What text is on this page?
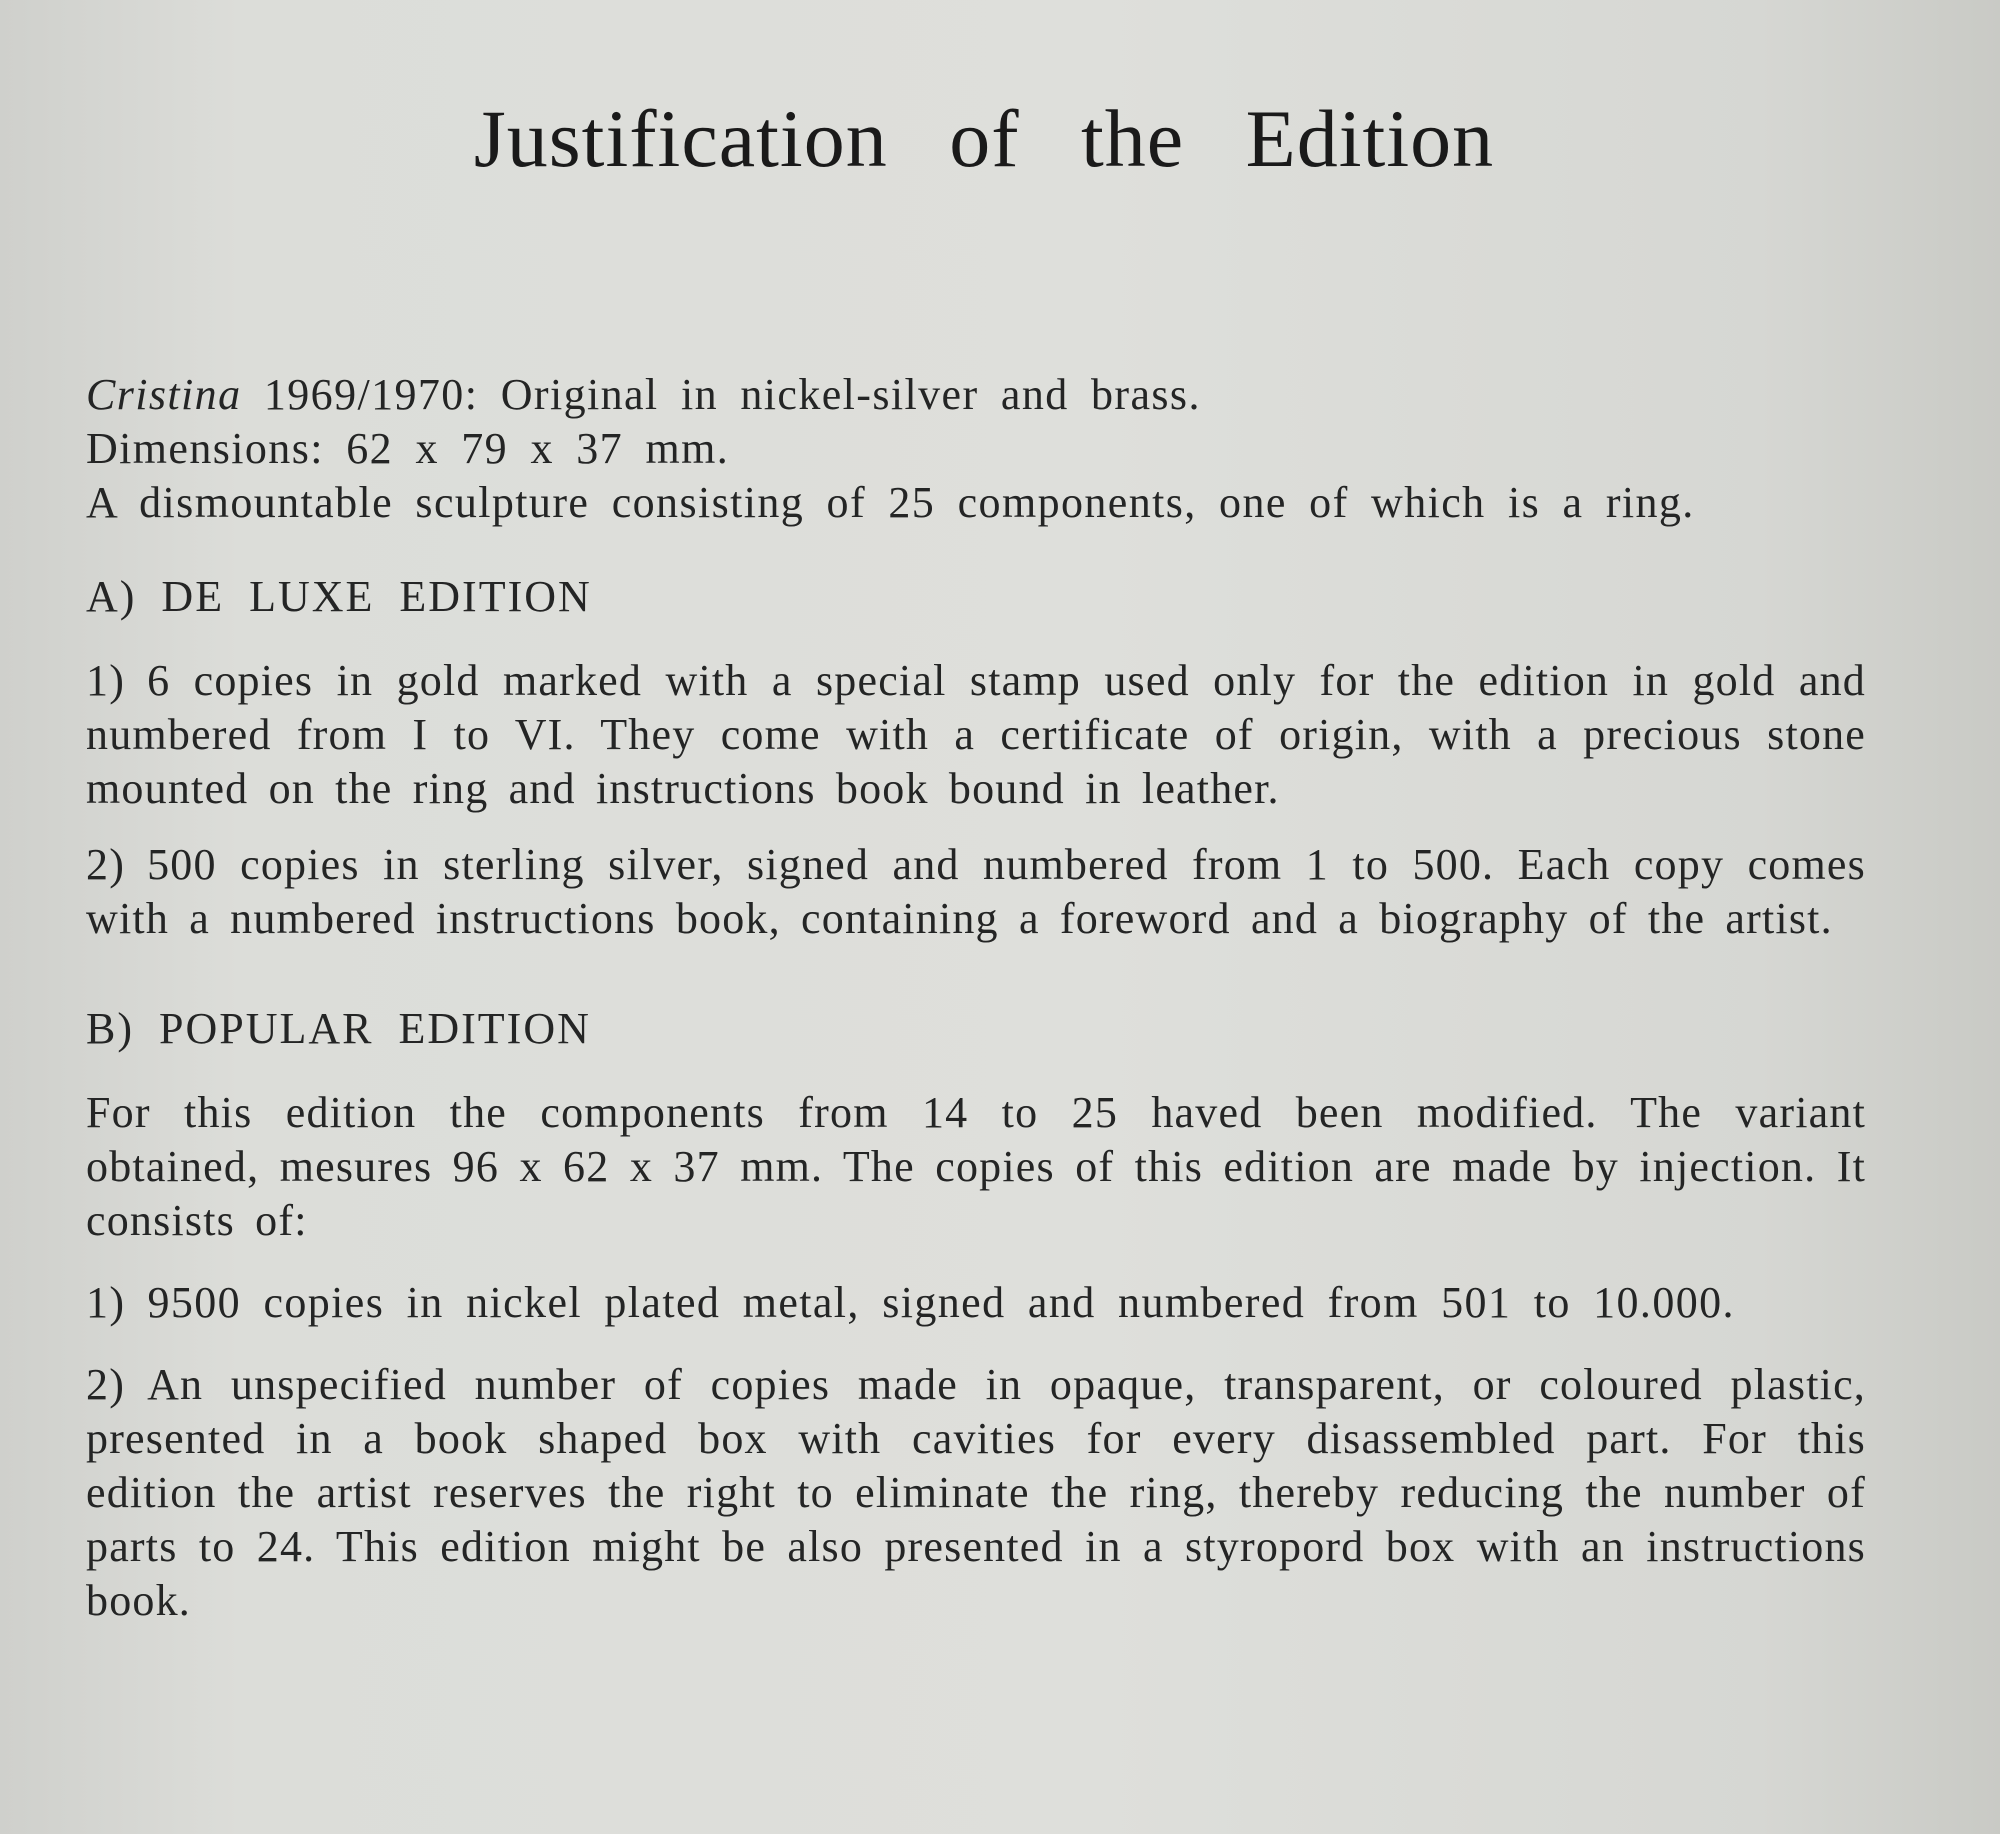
Justification of the Edition
Cristina 1969/1970: Original in nickel-silver and brass.
Dimensions: 62 x 79 x 37 mm.
A dismountable sculpture consisting of 25 components, one of which is a ring.
A) DE LUXE EDITION
1) 6 copies in gold marked with a special stamp used only for the edition in gold and numbered from I to VI. They come with a certificate of origin, with a precious stone mounted on the ring and instructions book bound in leather.
2) 500 copies in sterling silver, signed and numbered from 1 to 500. Each copy comes with a numbered instructions book, containing a foreword and a biography of the artist.
B) POPULAR EDITION
For this edition the components from 14 to 25 haved been modified. The variant obtained, mesures 96 x 62 x 37 mm. The copies of this edition are made by injection. It consists of:
1) 9500 copies in nickel plated metal, signed and numbered from 501 to 10.000.
2) An unspecified number of copies made in opaque, transparent, or coloured plastic, presented in a book shaped box with cavities for every disassembled part. For this edition the artist reserves the right to eliminate the ring, thereby reducing the number of parts to 24. This edition might be also presented in a styropord box with an instructions book.
